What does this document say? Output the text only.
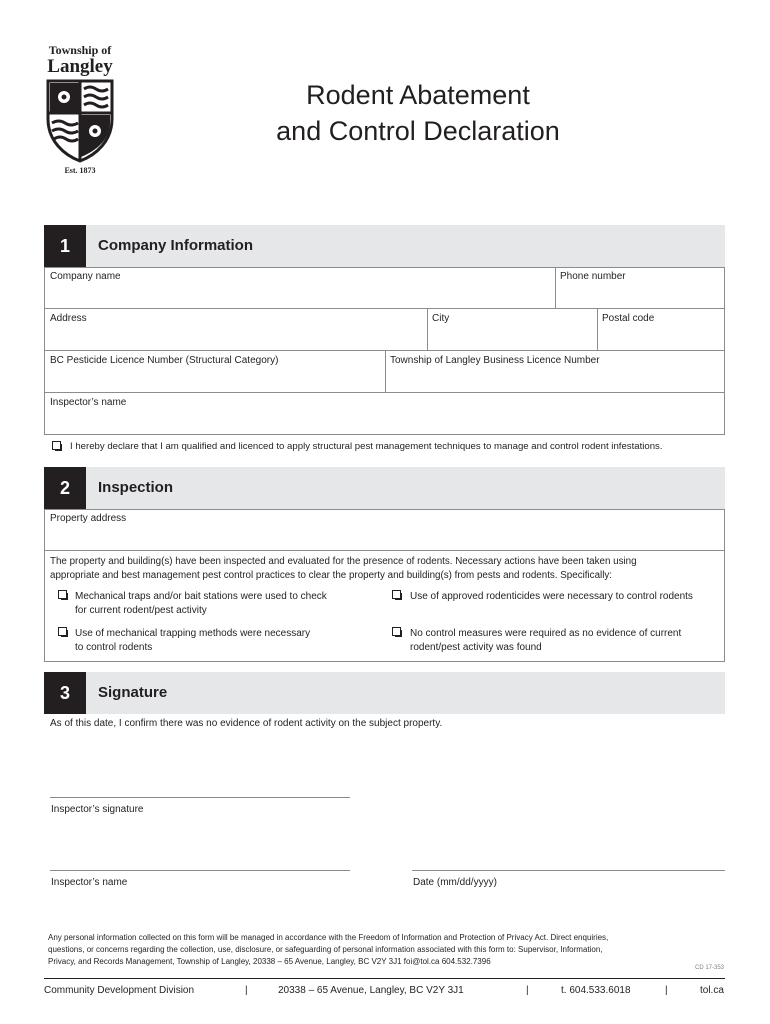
Township of
Langley
Est. 1873
Rodent Abatement
and Control Declaration
1	Company Information
Company name	Phone number
Address	City	Postal code
BC Pesticide Licence Number (Structural Category)	Township of Langley Business Licence Number
Inspector’s name
I hereby declare that I am qualified and licenced to apply structural pest management techniques to manage and control rodent infestations.
2	Inspection
Property address
The property and building(s) have been inspected and evaluated for the presence of rodents. Necessary actions have been taken using
appropriate and best management pest control practices to clear the property and building(s) from pests and rodents. Specifically:
Mechanical traps and/or bait stations were used to check
for current rodent/pest activity
Use of approved rodenticides were necessary to control rodents
Use of mechanical trapping methods were necessary
to control rodents
No control measures were required as no evidence of current
rodent/pest activity was found
3	Signature
As of this date, I confirm there was no evidence of rodent activity on the subject property.
Inspector’s signature
Inspector’s name	Date (mm/dd/yyyy)
Any personal information collected on this form will be managed in accordance with the Freedom of Information and Protection of Privacy Act. Direct enquiries,
questions, or concerns regarding the collection, use, disclosure, or safeguarding of personal information associated with this form to: Supervisor, Information,
Privacy, and Records Management, Township of Langley, 20338 – 65 Avenue, Langley, BC V2Y 3J1 foi@tol.ca 604.532.7396
CD 17-353
Community Development Division	|	20338 – 65 Avenue, Langley, BC V2Y 3J1	|	t. 604.533.6018	|	tol.ca
